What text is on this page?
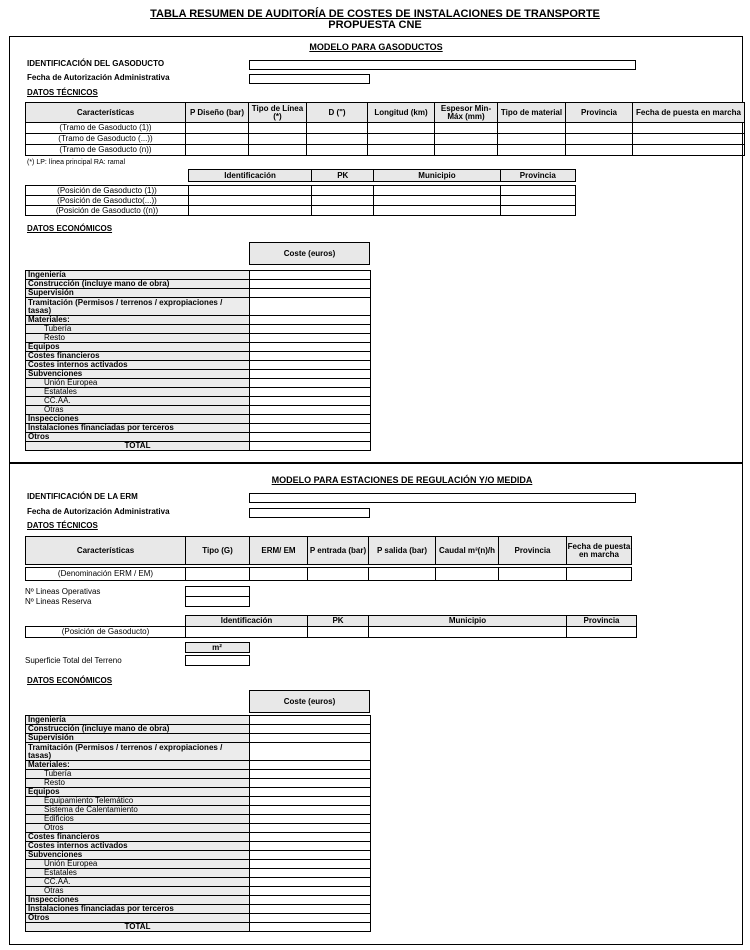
TABLA RESUMEN DE AUDITORÍA DE COSTES DE INSTALACIONES DE TRANSPORTE
PROPUESTA CNE
MODELO PARA GASODUCTOS
IDENTIFICACIÓN DEL GASODUCTO
Fecha de Autorización Administrativa
DATOS TÉCNICOS
Características	P Diseño (bar)	Tipo de Línea (*)	D (")	Longitud (km)	Espesor Min-Máx (mm)	Tipo de material	Provincia	Fecha de puesta en marcha
(Tramo de Gasoducto (1))								
(Tramo de Gasoducto (...))								
(Tramo de Gasoducto (n))								
(*) LP: línea principal RA: ramal
	Identificación	PK	Municipio	Provincia

(Posición de Gasoducto (1))				
(Posición de Gasoducto(...))				
(Posición de Gasoducto ((n))				
DATOS ECONÓMICOS
Coste (euros)
Ingeniería	
Construcción (incluye mano de obra)	
Supervisión	
Tramitación (Permisos / terrenos / expropiaciones / tasas)	
Materiales:	
Tubería	
Resto	
Equipos	
Costes financieros	
Costes internos activados	
Subvenciones	
Unión Europea	
Estatales	
CC.AA.	
Otras	
Inspecciones	
Instalaciones financiadas por terceros	
Otros	
TOTAL	
MODELO PARA ESTACIONES DE REGULACIÓN Y/O MEDIDA
IDENTIFICACIÓN DE LA ERM
Fecha de Autorización Administrativa
DATOS TÉCNICOS
Características	Tipo (G)	ERM/ EM	P entrada (bar)	P salida (bar)	Caudal m³(n)/h	Provincia	Fecha de puesta en marcha	

(Denominación ERM / EM)								
Nº Lineas Operativas	
Nº Lineas Reserva	
	Identificación	PK	Municipio	Provincia
(Posición de Gasoducto)				
	m²

Superficie Total del Terreno	
DATOS ECONÓMICOS
Coste (euros)
Ingeniería	
Construcción (incluye mano de obra)	
Supervisión	
Tramitación (Permisos / terrenos / expropiaciones / tasas)	
Materiales:	
Tubería	
Resto	
Equipos	
Equipamiento Telemático	
Sistema de Calentamiento	
Edificios	
Otros	
Costes financieros	
Costes internos activados	
Subvenciones	
Unión Europea	
Estatales	
CC.AA.	
Otras	
Inspecciones	
Instalaciones financiadas por terceros	
Otros	
TOTAL	
